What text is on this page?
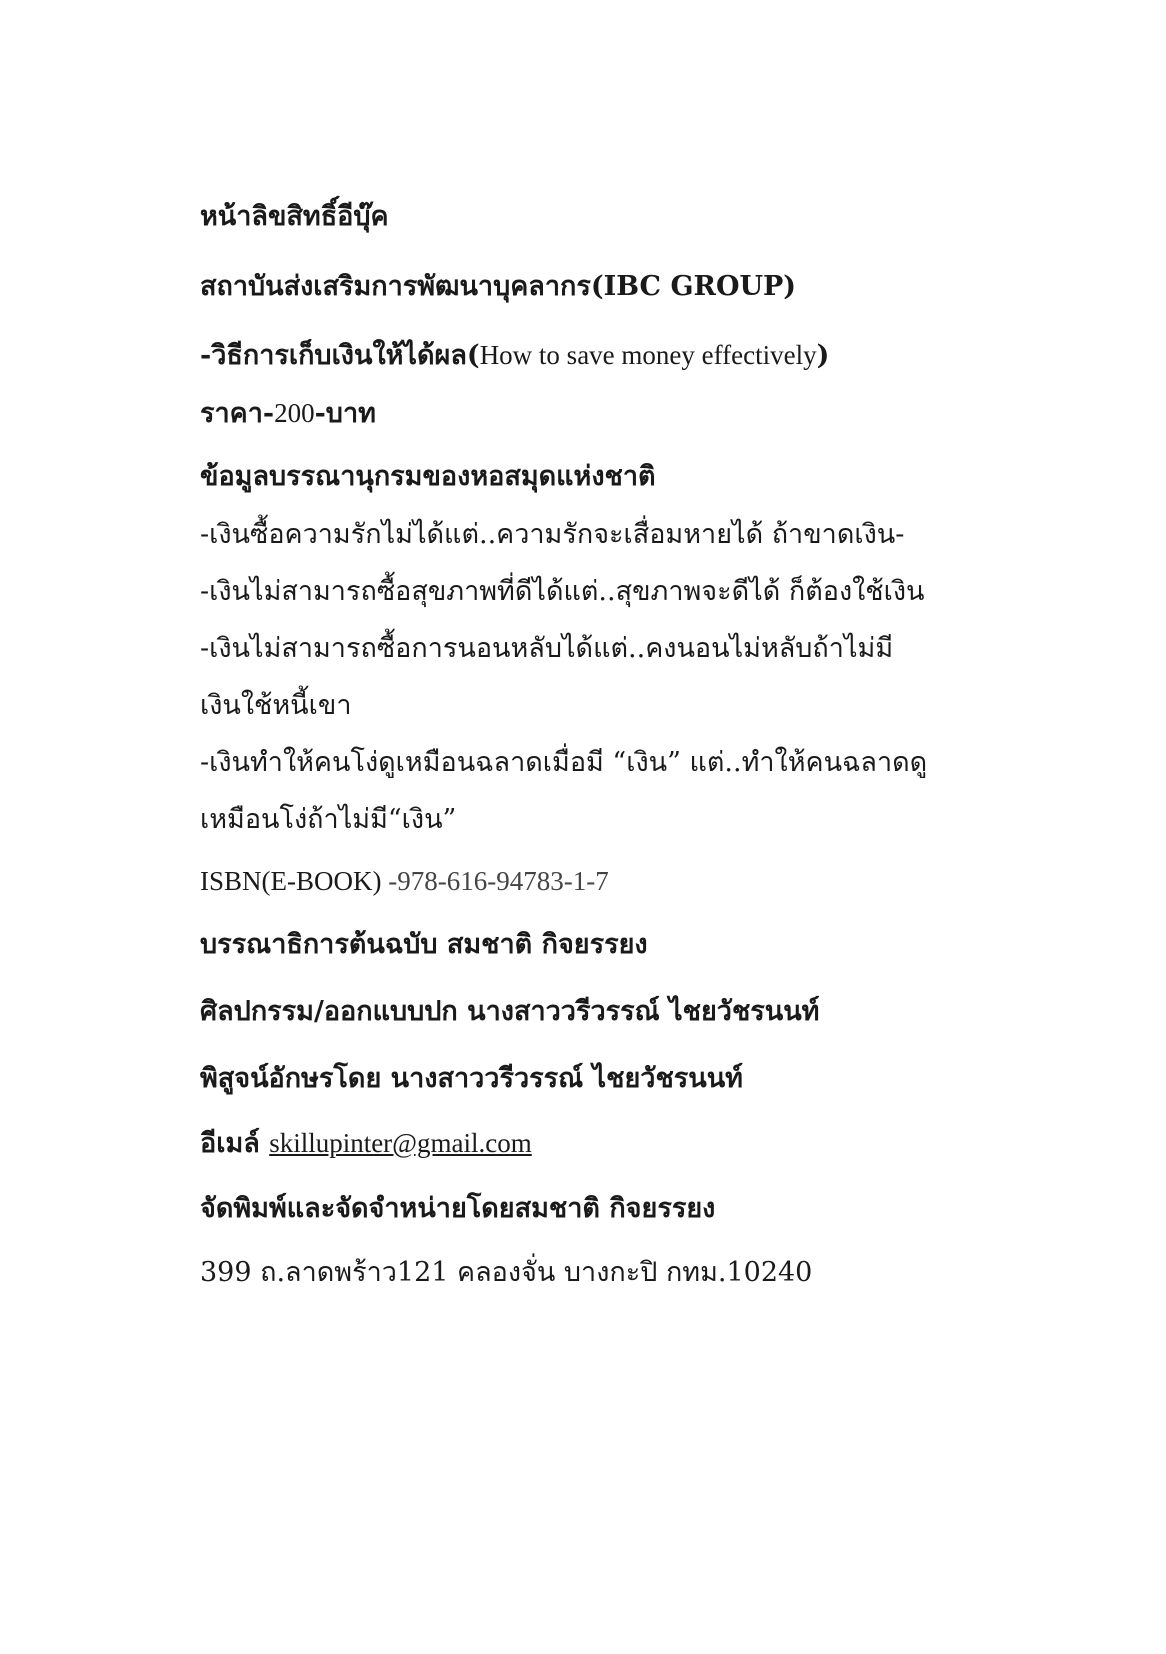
หน้าลิขสิทธิ์อีบุ๊ค
สถาบันส่งเสริมการพัฒนาบุคลากร(IBC GROUP)
-วิธีการเก็บเงินให้ได้ผล(How to save money effectively)
ราคา-200-บาท
ข้อมูลบรรณานุกรมของหอสมุดแห่งชาติ
-เงินซื้อความรักไม่ได้แต่..ความรักจะเสื่อมหายได้ ถ้าขาดเงิน-
-เงินไม่สามารถซื้อสุขภาพที่ดีได้แต่..สุขภาพจะดีได้ ก็ต้องใช้เงิน
-เงินไม่สามารถซื้อการนอนหลับได้แต่..คงนอนไม่หลับถ้าไม่มี
เงินใช้หนี้เขา
-เงินทำให้คนโง่ดูเหมือนฉลาดเมื่อมี “เงิน” แต่..ทำให้คนฉลาดดู
เหมือนโง่ถ้าไม่มี“เงิน”
ISBN(E-BOOK) -978-616-94783-1-7
บรรณาธิการต้นฉบับ สมชาติ กิจยรรยง
ศิลปกรรม/ออกแบบปก นางสาววรีวรรณ์ ไชยวัชรนนท์
พิสูจน์อักษรโดย นางสาววรีวรรณ์ ไชยวัชรนนท์
อีเมล์ skillupinter@gmail.com
จัดพิมพ์และจัดจำหน่ายโดยสมชาติ กิจยรรยง
399 ถ.ลาดพร้าว121 คลองจั่น บางกะปิ กทม.10240
